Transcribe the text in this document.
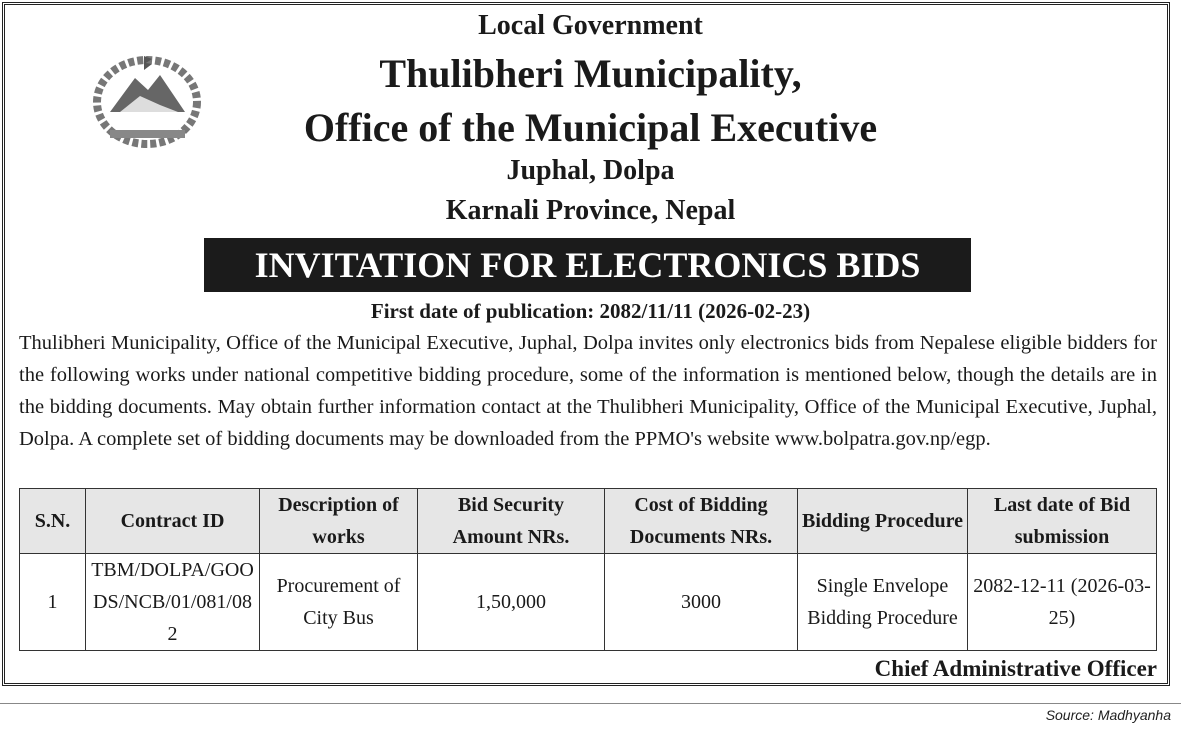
Local Government
Thulibheri Municipality,
Office of the Municipal Executive
Juphal, Dolpa
Karnali Province, Nepal
INVITATION FOR ELECTRONICS BIDS
First date of publication: 2082/11/11 (2026-02-23)
Thulibheri Municipality, Office of the Municipal Executive, Juphal, Dolpa invites only electronics bids from Nepalese eligible bidders for the following works under national competitive bidding procedure, some of the information is mentioned below, though the details are in the bidding documents. May obtain further information contact at the Thulibheri Municipality, Office of the Municipal Executive, Juphal, Dolpa. A complete set of bidding documents may be downloaded from the PPMO's website www.bolpatra.gov.np/egp.
S.N.	Contract ID	Description of works	Bid Security Amount NRs.	Cost of Bidding Documents NRs.	Bidding Procedure	Last date of Bid submission
1	TBM/DOLPA/GOODS/NCB/01/081/082	Procurement of City Bus	1,50,000	3000	Single Envelope Bidding Procedure	2082-12-11 (2026-03-25)
Chief Administrative Officer
Source: Madhyanha
